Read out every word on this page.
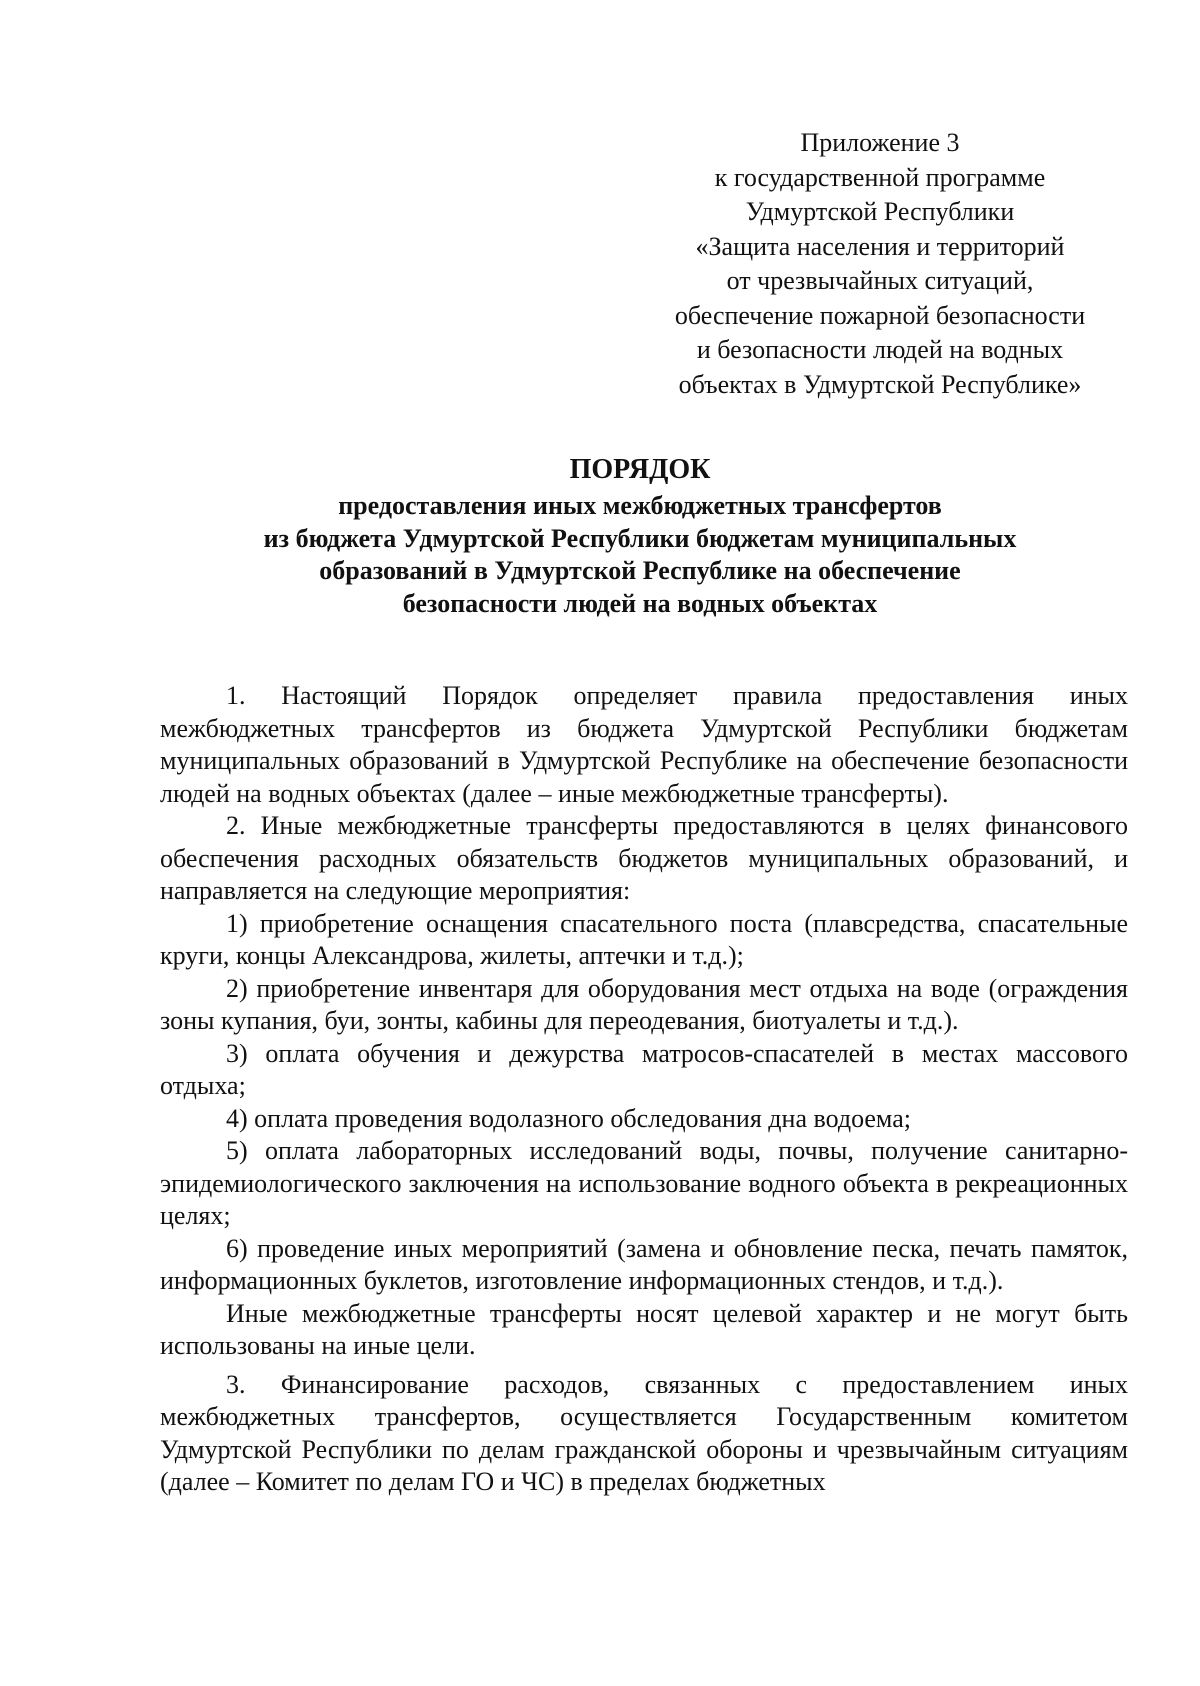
Приложение 3
к государственной программе
Удмуртской Республики
«Защита населения и территорий
от чрезвычайных ситуаций,
обеспечение пожарной безопасности
и безопасности людей на водных
объектах в Удмуртской Республике»
ПОРЯДОК
предоставления иных межбюджетных трансфертов
из бюджета Удмуртской Республики бюджетам муниципальных
образований в Удмуртской Республике на обеспечение
безопасности людей на водных объектах

1. Настоящий Порядок определяет правила предоставления иных межбюджетных трансфертов из бюджета Удмуртской Республики бюджетам муниципальных образований в Удмуртской Республике на обеспечение безопасности людей на водных объектах (далее – иные межбюджетные трансферты).

2. Иные межбюджетные трансферты предоставляются в целях финансового обеспечения расходных обязательств бюджетов муниципальных образований, и направляется на следующие мероприятия:

1) приобретение оснащения спасательного поста (плавсредства, спасательные круги, концы Александрова, жилеты, аптечки и т.д.);

2) приобретение инвентаря для оборудования мест отдыха на воде (ограждения зоны купания, буи, зонты, кабины для переодевания, биотуалеты и т.д.).

3) оплата обучения и дежурства матросов-спасателей в местах массового отдыха;

4) оплата проведения водолазного обследования дна водоема;

5) оплата лабораторных исследований воды, почвы, получение санитарно-эпидемиологического заключения на использование водного объекта в рекреационных целях;

6) проведение иных мероприятий (замена и обновление песка, печать памяток, информационных буклетов, изготовление информационных стендов, и т.д.).

Иные межбюджетные трансферты носят целевой характер и не могут быть использованы на иные цели.

3. Финансирование расходов, связанных с предоставлением иных межбюджетных трансфертов, осуществляется Государственным комитетом Удмуртской Республики по делам гражданской обороны и чрезвычайным ситуациям (далее – Комитет по делам ГО и ЧС) в пределах бюджетных
